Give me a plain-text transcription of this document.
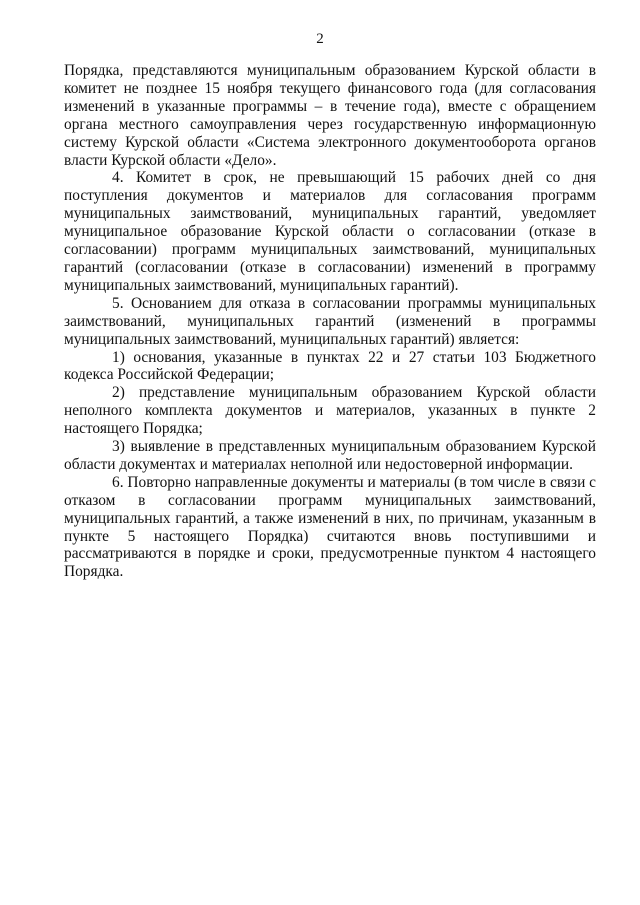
2

Порядка, представляются муниципальным образованием Курской области в комитет не позднее 15 ноября текущего финансового года (для согласования изменений в указанные программы – в течение года), вместе с обращением органа местного самоуправления через государственную информационную систему Курской области «Система электронного документооборота органов власти Курской области «Дело».

4. Комитет в срок, не превышающий 15 рабочих дней со дня поступления документов и материалов для согласования программ муниципальных заимствований, муниципальных гарантий, уведомляет муниципальное образование Курской области о согласовании (отказе в согласовании) программ муниципальных заимствований, муниципальных гарантий (согласовании (отказе в согласовании) изменений в программу муниципальных заимствований, муниципальных гарантий).

5. Основанием для отказа в согласовании программы муниципальных заимствований, муниципальных гарантий (изменений в программы муниципальных заимствований, муниципальных гарантий) является:

1) основания, указанные в пунктах 22 и 27 статьи 103 Бюджетного кодекса Российской Федерации;

2) представление муниципальным образованием Курской области неполного комплекта документов и материалов, указанных в пункте 2 настоящего Порядка;

3) выявление в представленных муниципальным образованием Курской области документах и материалах неполной или недостоверной информации.

6. Повторно направленные документы и материалы (в том числе в связи с отказом в согласовании программ муниципальных заимствований, муниципальных гарантий, а также изменений в них, по причинам, указанным в пункте 5 настоящего Порядка) считаются вновь поступившими и рассматриваются в порядке и сроки, предусмотренные пунктом 4 настоящего Порядка.
